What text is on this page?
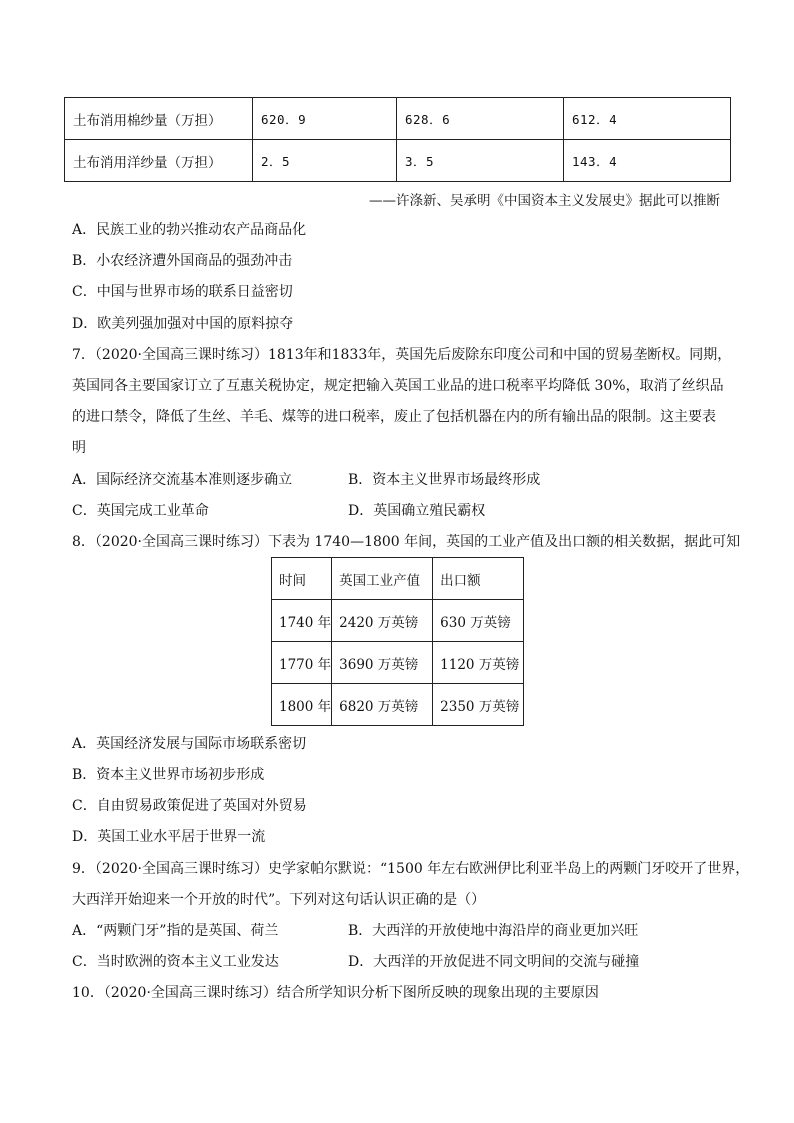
土布消用棉纱量（万担）	620．9	628．6	612．4
土布消用洋纱量（万担）	2．5	3．5	143．4
——许涤新、吴承明《中国资本主义发展史》据此可以推断
A．民族工业的勃兴推动农产品商品化
B．小农经济遭外国商品的强劲冲击
C．中国与世界市场的联系日益密切
D．欧美列强加强对中国的原料掠夺
7．（2020·全国高三课时练习）1813年和1833年，英国先后废除东印度公司和中国的贸易垄断权。同期，
英国同各主要国家订立了互惠关税协定，规定把输入英国工业品的进口税率平均降低 30%，取消了丝织品
的进口禁令，降低了生丝、羊毛、煤等的进口税率，废止了包括机器在内的所有输出品的限制。这主要表
明
A．国际经济交流基本准则逐步确立	B．资本主义世界市场最终形成
C．英国完成工业革命	D．英国确立殖民霸权
8．（2020·全国高三课时练习）下表为 1740—1800 年间，英国的工业产值及出口额的相关数据，据此可知
时间	英国工业产值	出口额
1740 年	2420 万英镑	630 万英镑
1770 年	3690 万英镑	1120 万英镑
1800 年	6820 万英镑	2350 万英镑
A．英国经济发展与国际市场联系密切
B．资本主义世界市场初步形成
C．自由贸易政策促进了英国对外贸易
D．英国工业水平居于世界一流
9．（2020·全国高三课时练习）史学家帕尔默说：“1500 年左右欧洲伊比利亚半岛上的两颗门牙咬开了世界，
大西洋开始迎来一个开放的时代”。下列对这句话认识正确的是（）
A．“两颗门牙”指的是英国、荷兰	B．大西洋的开放使地中海沿岸的商业更加兴旺
C．当时欧洲的资本主义工业发达	D．大西洋的开放促进不同文明间的交流与碰撞
10．（2020·全国高三课时练习）结合所学知识分析下图所反映的现象出现的主要原因
